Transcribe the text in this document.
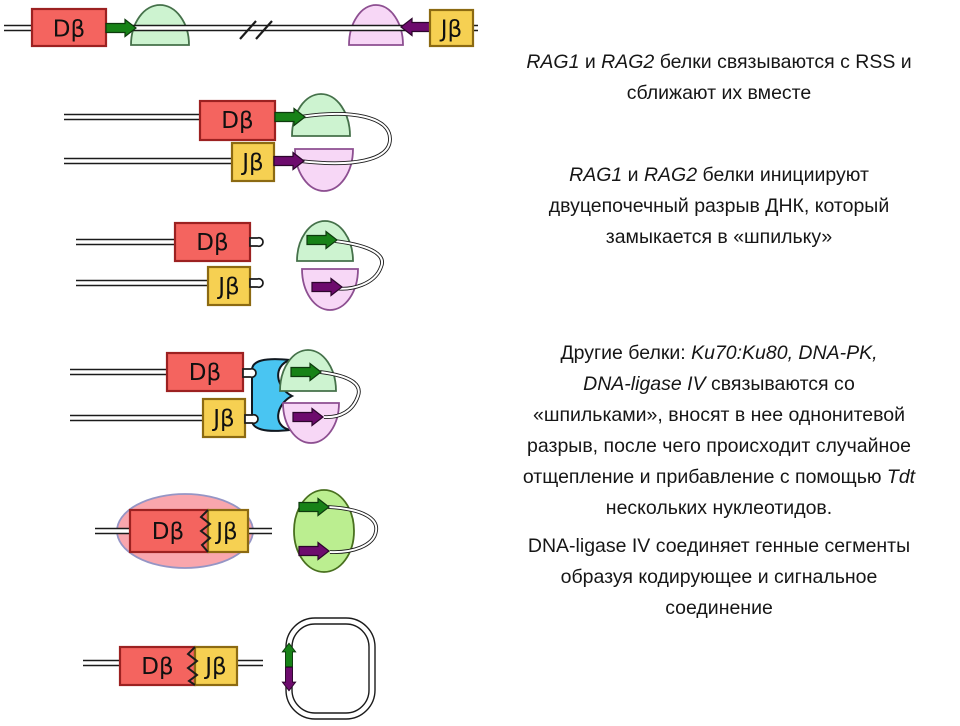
Dβ	Jβ
Dβ
Jβ
Dβ
Jβ
Dβ
Jβ
Dβ Jβ
Dβ Jβ
RAG1 и RAG2 белки связываются с RSS и
сближают их вместе
RAG1 и RAG2 белки инициируют
двуцепочечный разрыв ДНК, который
замыкается в «шпильку»
Другие белки: Ku70:Ku80, DNA-PK,
DNA-ligase IV связываются со
«шпильками», вносят в нее однонитевой
разрыв, после чего происходит случайное
отщепление и прибавление с помощью Tdt
нескольких нуклеотидов.
DNA-ligase IV соединяет генные сегменты
образуя кодирующее и сигнальное
соединение
